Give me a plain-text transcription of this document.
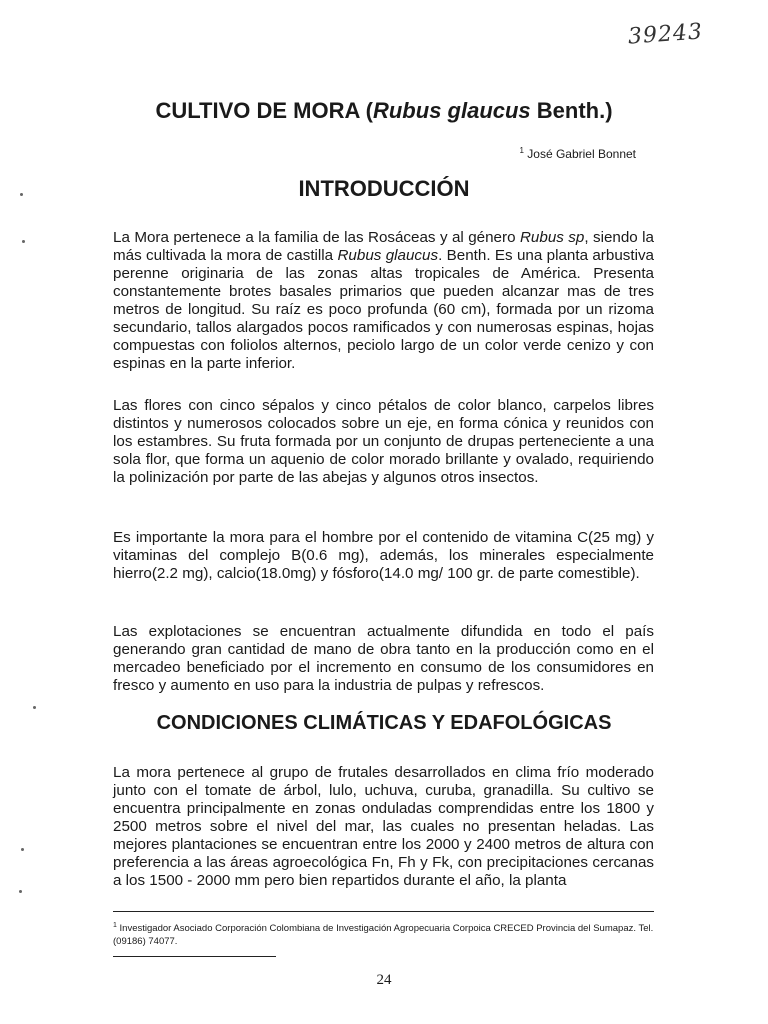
39243
CULTIVO DE MORA (Rubus glaucus Benth.)
$^1$ José Gabriel Bonnet
INTRODUCCIÓN

La Mora pertenece a la familia de las Rosáceas y al género Rubus sp, siendo la más cultivada la mora de castilla Rubus glaucus. Benth. Es una planta arbustiva perenne originaria de las zonas altas tropicales de América. Presenta constantemente brotes basales primarios que pueden alcanzar mas de tres metros de longitud. Su raíz es poco profunda (60 cm), formada por un rizoma secundario, tallos alargados pocos ramificados y con numerosas espinas, hojas compuestas con foliolos alternos, peciolo largo de un color verde cenizo y con espinas en la parte inferior.

Las flores con cinco sépalos y cinco pétalos de color blanco, carpelos libres distintos y numerosos colocados sobre un eje, en forma cónica y reunidos con los estambres. Su fruta formada por un conjunto de drupas perteneciente a una sola flor, que forma un aquenio de color morado brillante y ovalado, requiriendo la polinización por parte de las abejas y algunos otros insectos.

Es importante la mora para el hombre por el contenido de vitamina C(25 mg) y vitaminas del complejo B(0.6 mg), además, los minerales especialmente hierro(2.2 mg), calcio(18.0mg) y fósforo(14.0 mg/ 100 gr. de parte comestible).

Las explotaciones se encuentran actualmente difundida en todo el país generando gran cantidad de mano de obra tanto en la producción como en el mercadeo beneficiado por el incremento en consumo de los consumidores en fresco y aumento en uso para la industria de pulpas y refrescos.

CONDICIONES CLIMÁTICAS Y EDAFOLÓGICAS

La mora pertenece al grupo de frutales desarrollados en clima frío moderado junto con el tomate de árbol, lulo, uchuva, curuba, granadilla. Su cultivo se encuentra principalmente en zonas onduladas comprendidas entre los 1800 y 2500 metros sobre el nivel del mar, las cuales no presentan heladas. Las mejores plantaciones se encuentran entre los 2000 y 2400 metros de altura con preferencia a las áreas agroecológica Fn, Fh y Fk, con precipitaciones cercanas a los 1500 - 2000 mm pero bien repartidos durante el año, la planta

$^1$ Investigador Asociado Corporación Colombiana de Investigación Agropecuaria Corpoica CRECED Provincia del Sumapaz. Tel. (09186) 74077.

24
